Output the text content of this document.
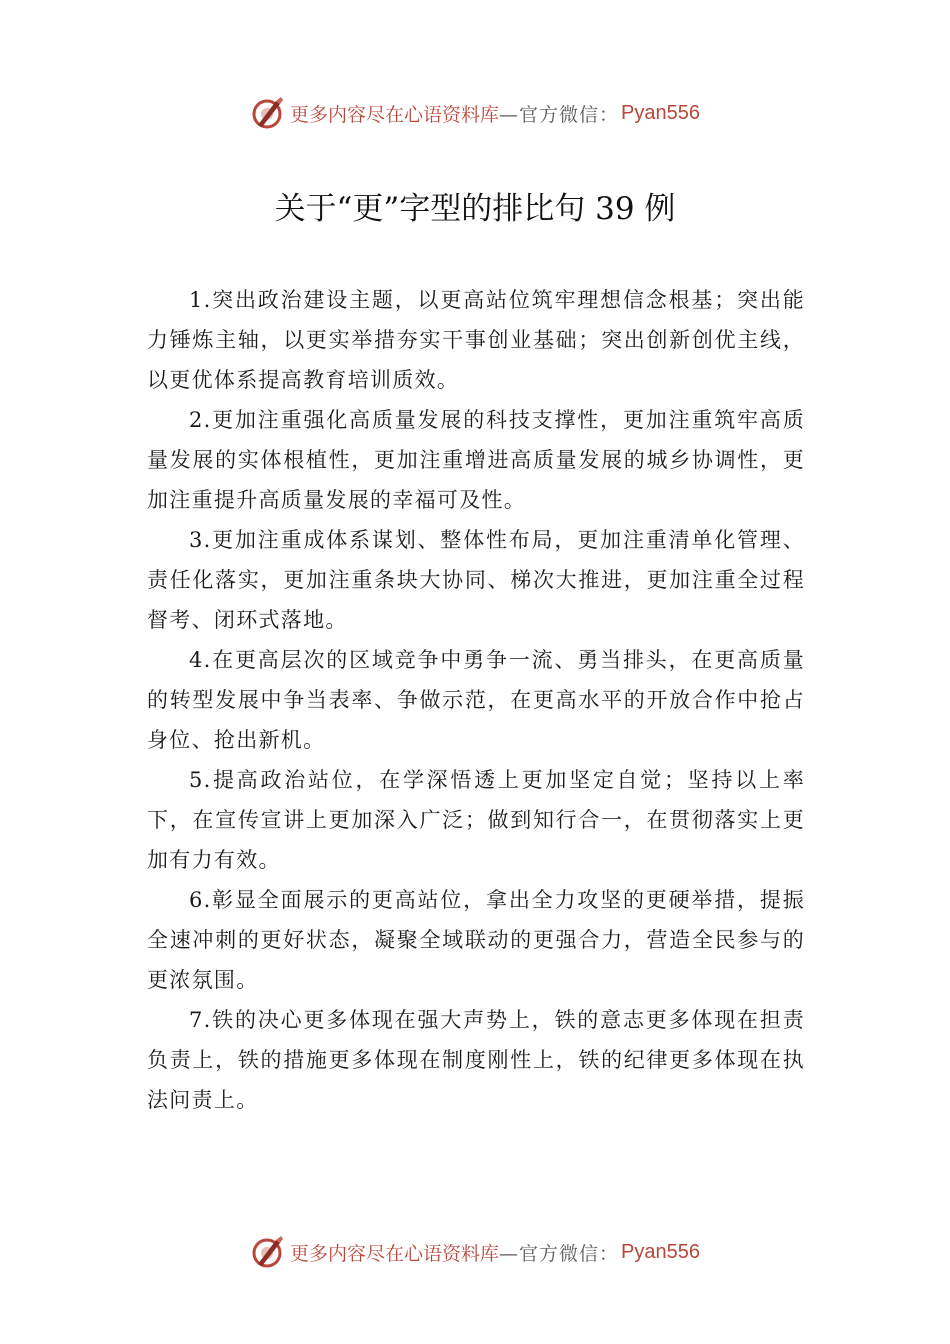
更多内容尽在心语资料库 —官方微信： Pyan556
关于“更”字型的排比句 39 例

1.突出政治建设主题，以更高站位筑牢理想信念根基；突出能力锤炼主轴，以更实举措夯实干事创业基础；突出创新创优主线，以更优体系提高教育培训质效。

2.更加注重强化高质量发展的科技支撑性，更加注重筑牢高质量发展的实体根植性，更加注重增进高质量发展的城乡协调性，更加注重提升高质量发展的幸福可及性。

3.更加注重成体系谋划、整体性布局，更加注重清单化管理、责任化落实，更加注重条块大协同、梯次大推进，更加注重全过程督考、闭环式落地。

4.在更高层次的区域竞争中勇争一流、勇当排头，在更高质量的转型发展中争当表率、争做示范，在更高水平的开放合作中抢占身位、抢出新机。

5.提高政治站位，在学深悟透上更加坚定自觉；坚持以上率下，在宣传宣讲上更加深入广泛；做到知行合一，在贯彻落实上更加有力有效。

6.彰显全面展示的更高站位，拿出全力攻坚的更硬举措，提振全速冲刺的更好状态，凝聚全域联动的更强合力，营造全民参与的更浓氛围。

7.铁的决心更多体现在强大声势上，铁的意志更多体现在担责负责上，铁的措施更多体现在制度刚性上，铁的纪律更多体现在执法问责上。

更多内容尽在心语资料库 —官方微信： Pyan556
